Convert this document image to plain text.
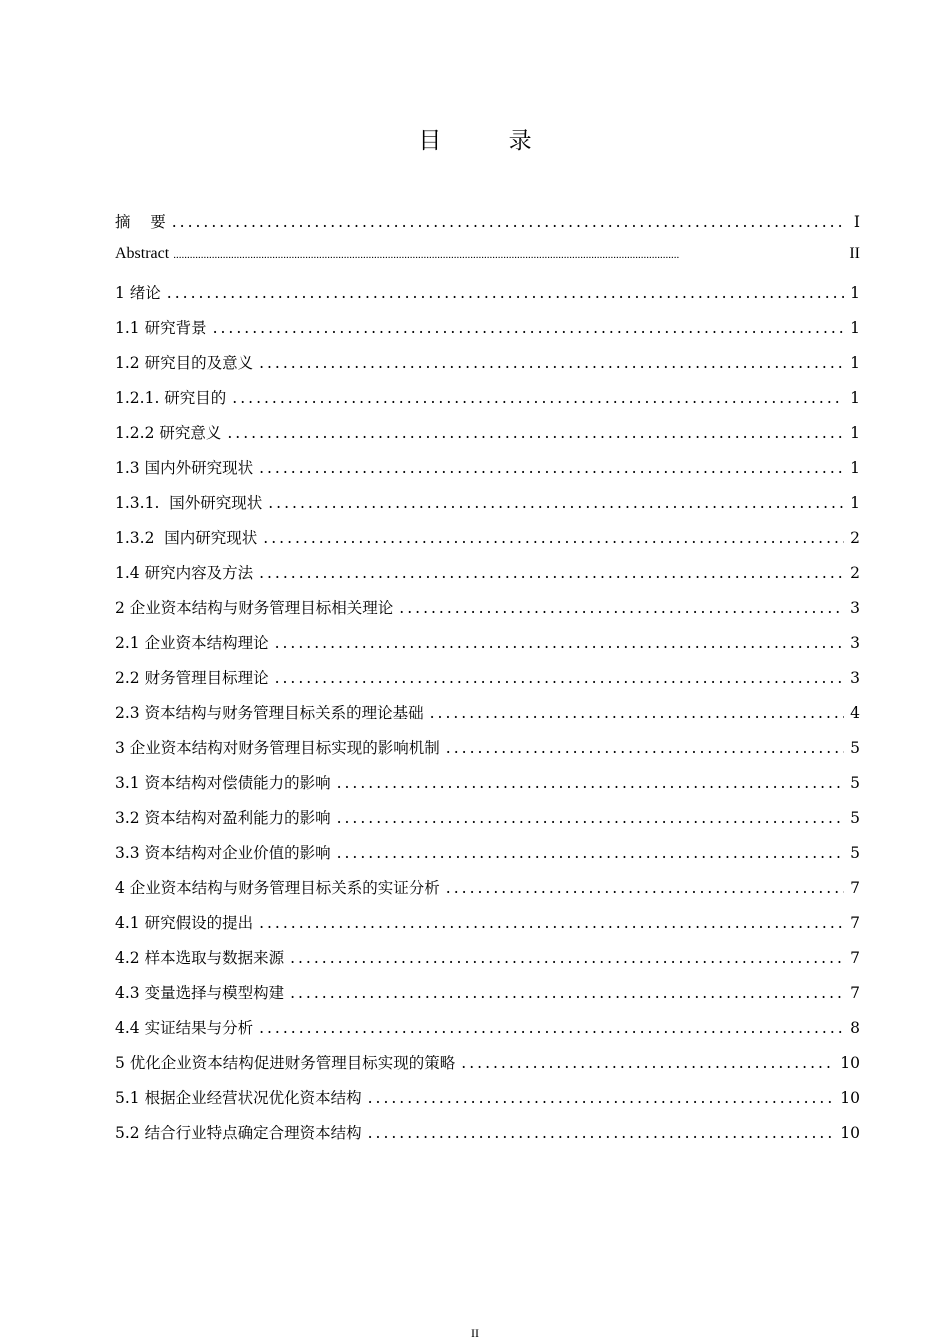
目 录
摘    要 .....	I
Abstract .....	II
1 绪论 .....	1
1.1 研究背景 .....	1
1.2 研究目的及意义 .....	1
1.2.1. 研究目的 .....	1
1.2.2 研究意义 .....	1
1.3 国内外研究现状 .....	1
1.3.1.  国外研究现状 .....	1
1.3.2  国内研究现状 .....	2
1.4 研究内容及方法 .....	2
2 企业资本结构与财务管理目标相关理论 .....	3
2.1 企业资本结构理论 .....	3
2.2 财务管理目标理论 .....	3
2.3 资本结构与财务管理目标关系的理论基础 .....	4
3 企业资本结构对财务管理目标实现的影响机制 .....	5
3.1 资本结构对偿债能力的影响 .....	5
3.2 资本结构对盈利能力的影响 .....	5
3.3 资本结构对企业价值的影响 .....	5
4 企业资本结构与财务管理目标关系的实证分析 .....	7
4.1 研究假设的提出 .....	7
4.2 样本选取与数据来源 .....	7
4.3 变量选择与模型构建 .....	7
4.4 实证结果与分析 .....	8
5 优化企业资本结构促进财务管理目标实现的策略 .....	10
5.1 根据企业经营状况优化资本结构 .....	10
5.2 结合行业特点确定合理资本结构 .....	10
II
